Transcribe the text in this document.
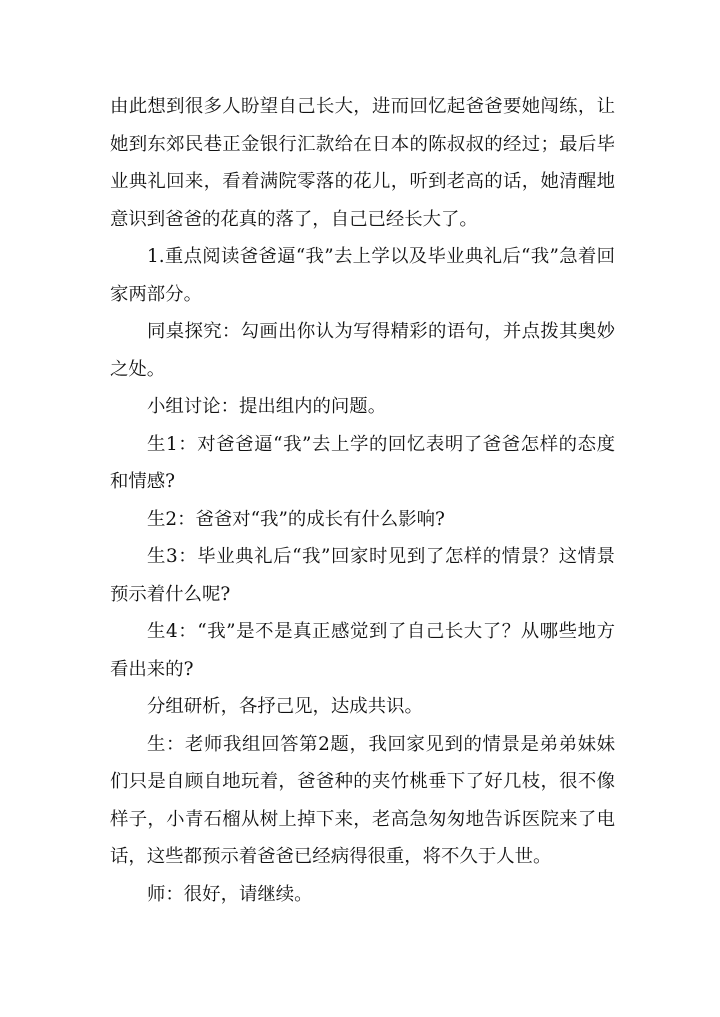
由此想到很多人盼望自己长大，进而回忆起爸爸要她闯练，让她到东郊民巷正金银行汇款给在日本的陈叔叔的经过；最后毕业典礼回来，看着满院零落的花儿，听到老高的话，她清醒地意识到爸爸的花真的落了，自己已经长大了。

1.重点阅读爸爸逼“我”去上学以及毕业典礼后“我”急着回家两部分。

同桌探究：勾画出你认为写得精彩的语句，并点拨其奥妙之处。

小组讨论：提出组内的问题。

生1：对爸爸逼“我”去上学的回忆表明了爸爸怎样的态度和情感?

生2：爸爸对“我”的成长有什么影响?

生3：毕业典礼后“我”回家时见到了怎样的情景？这情景预示着什么呢?

生4：“我”是不是真正感觉到了自己长大了？从哪些地方看出来的?

分组研析，各抒己见，达成共识。

生：老师我组回答第2题，我回家见到的情景是弟弟妹妹们只是自顾自地玩着，爸爸种的夹竹桃垂下了好几枝，很不像样子，小青石榴从树上掉下来，老高急匆匆地告诉医院来了电话，这些都预示着爸爸已经病得很重，将不久于人世。

师：很好，请继续。
